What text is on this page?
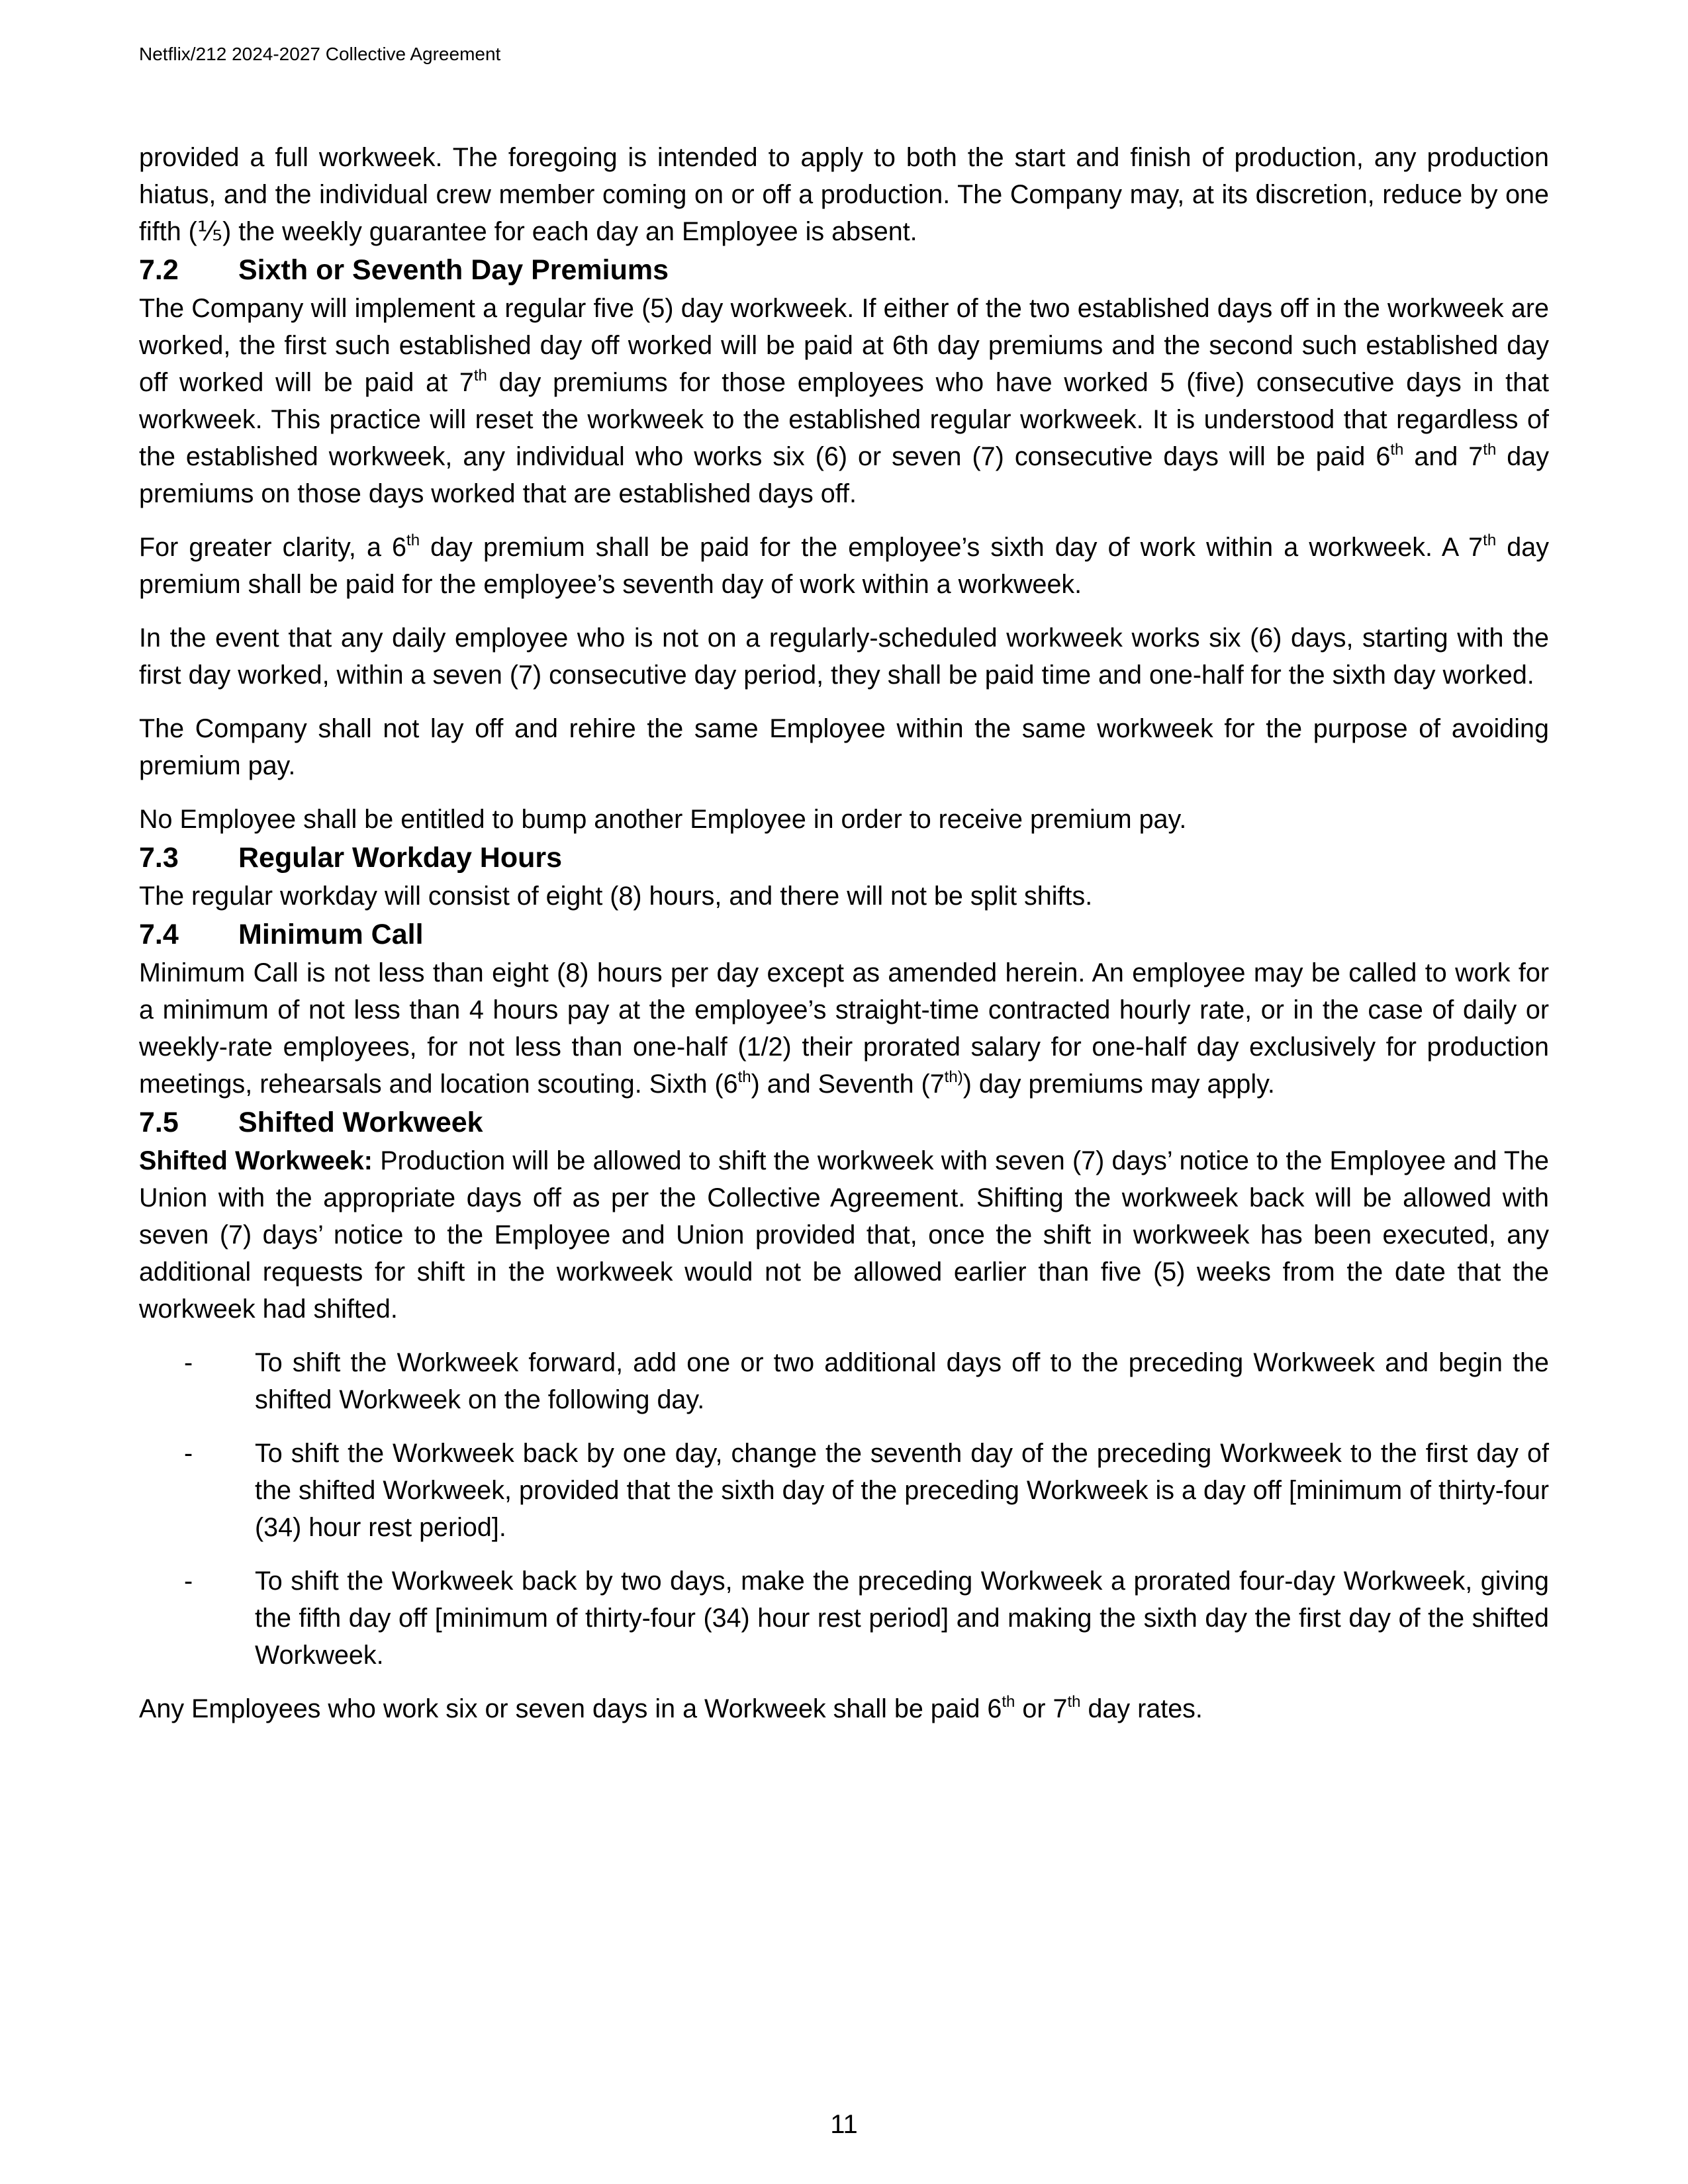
Netflix/212 2024-2027 Collective Agreement

provided a full workweek. The foregoing is intended to apply to both the start and finish of production, any production hiatus, and the individual crew member coming on or off a production. The Company may, at its discretion, reduce by one fifth (⅕) the weekly guarantee for each day an Employee is absent.

7.2 Sixth or Seventh Day Premiums

The Company will implement a regular five (5) day workweek. If either of the two established days off in the workweek are worked, the first such established day off worked will be paid at 6th day premiums and the second such established day off worked will be paid at 7th day premiums for those employees who have worked 5 (five) consecutive days in that workweek. This practice will reset the workweek to the established regular workweek. It is understood that regardless of the established workweek, any individual who works six (6) or seven (7) consecutive days will be paid 6th and 7th day premiums on those days worked that are established days off.

For greater clarity, a 6th day premium shall be paid for the employee’s sixth day of work within a workweek. A 7th day premium shall be paid for the employee’s seventh day of work within a workweek.

In the event that any daily employee who is not on a regularly-scheduled workweek works six (6) days, starting with the first day worked, within a seven (7) consecutive day period, they shall be paid time and one-half for the sixth day worked.

The Company shall not lay off and rehire the same Employee within the same workweek for the purpose of avoiding premium pay.

No Employee shall be entitled to bump another Employee in order to receive premium pay.

7.3 Regular Workday Hours

The regular workday will consist of eight (8) hours, and there will not be split shifts.

7.4 Minimum Call

Minimum Call is not less than eight (8) hours per day except as amended herein. An employee may be called to work for a minimum of not less than 4 hours pay at the employee’s straight-time contracted hourly rate, or in the case of daily or weekly-rate employees, for not less than one-half (1/2) their prorated salary for one-half day exclusively for production meetings, rehearsals and location scouting. Sixth (6th) and Seventh $(7^{th)})$ day premiums may apply.

7.5 Shifted Workweek

Shifted Workweek: Production will be allowed to shift the workweek with seven (7) days’ notice to the Employee and The Union with the appropriate days off as per the Collective Agreement. Shifting the workweek back will be allowed with seven (7) days’ notice to the Employee and Union provided that, once the shift in workweek has been executed, any additional requests for shift in the workweek would not be allowed earlier than five (5) weeks from the date that the workweek had shifted.

- To shift the Workweek forward, add one or two additional days off to the preceding Workweek and begin the shifted Workweek on the following day.
- To shift the Workweek back by one day, change the seventh day of the preceding Workweek to the first day of the shifted Workweek, provided that the sixth day of the preceding Workweek is a day off [minimum of thirty-four (34) hour rest period].
- To shift the Workweek back by two days, make the preceding Workweek a prorated four-day Workweek, giving the fifth day off [minimum of thirty-four (34) hour rest period] and making the sixth day the first day of the shifted Workweek.

Any Employees who work six or seven days in a Workweek shall be paid 6th or 7th day rates.

11
